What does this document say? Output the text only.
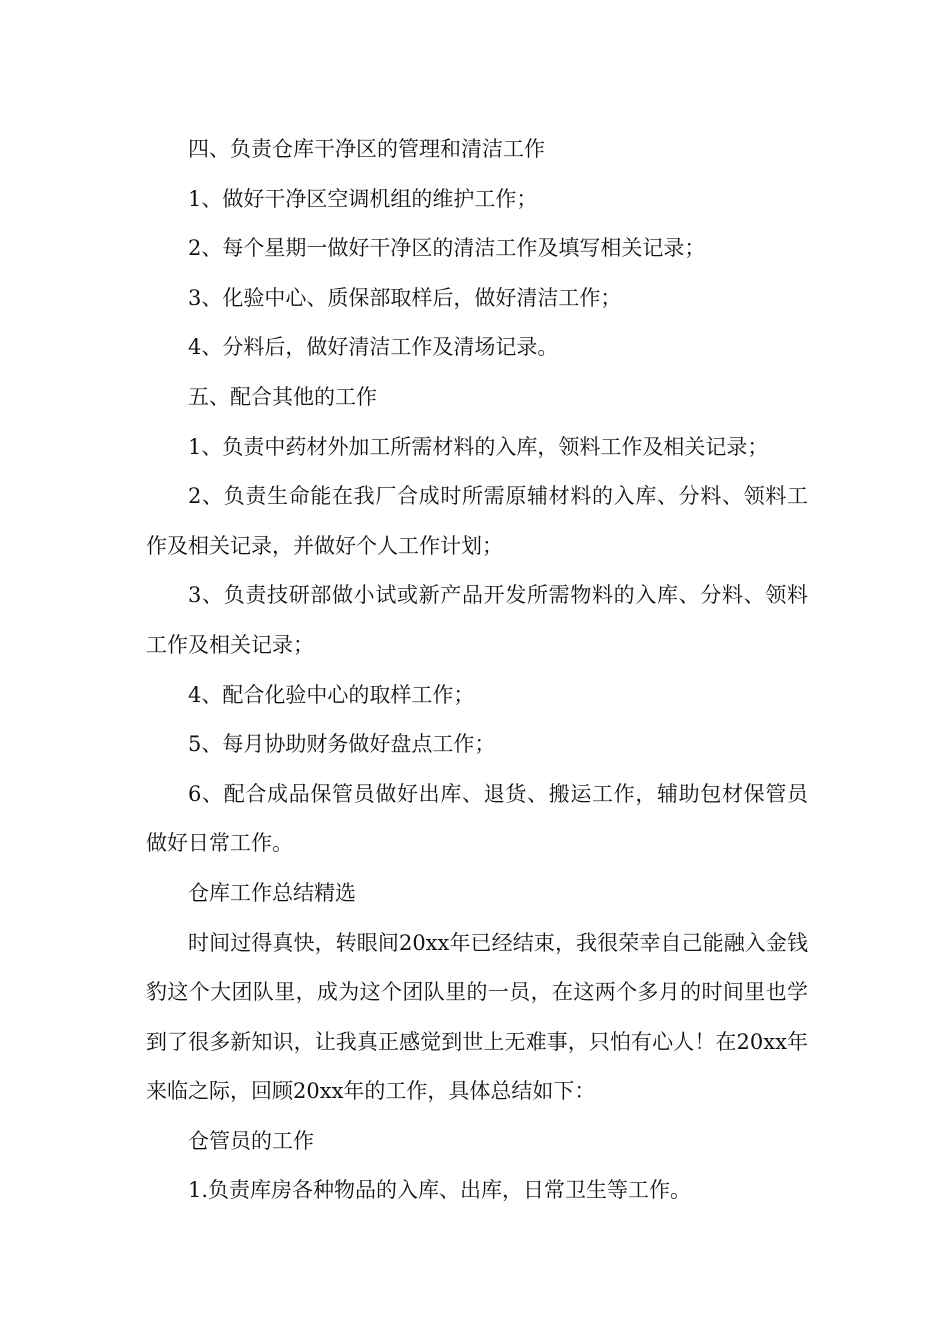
四、负责仓库干净区的管理和清洁工作

1、做好干净区空调机组的维护工作；

2、每个星期一做好干净区的清洁工作及填写相关记录；

3、化验中心、质保部取样后，做好清洁工作；

4、分料后，做好清洁工作及清场记录。

五、配合其他的工作

1、负责中药材外加工所需材料的入库，领料工作及相关记录；

2、负责生命能在我厂合成时所需原辅材料的入库、分料、领料工作及相关记录，并做好个人工作计划；

3、负责技研部做小试或新产品开发所需物料的入库、分料、领料工作及相关记录；

4、配合化验中心的取样工作；

5、每月协助财务做好盘点工作；

6、配合成品保管员做好出库、退货、搬运工作，辅助包材保管员做好日常工作。

仓库工作总结精选

时间过得真快，转眼间20xx年已经结束，我很荣幸自己能融入金钱豹这个大团队里，成为这个团队里的一员，在这两个多月的时间里也学到了很多新知识，让我真正感觉到世上无难事，只怕有心人！在20xx年来临之际，回顾20xx年的工作，具体总结如下：

仓管员的工作

1.负责库房各种物品的入库、出库，日常卫生等工作。
